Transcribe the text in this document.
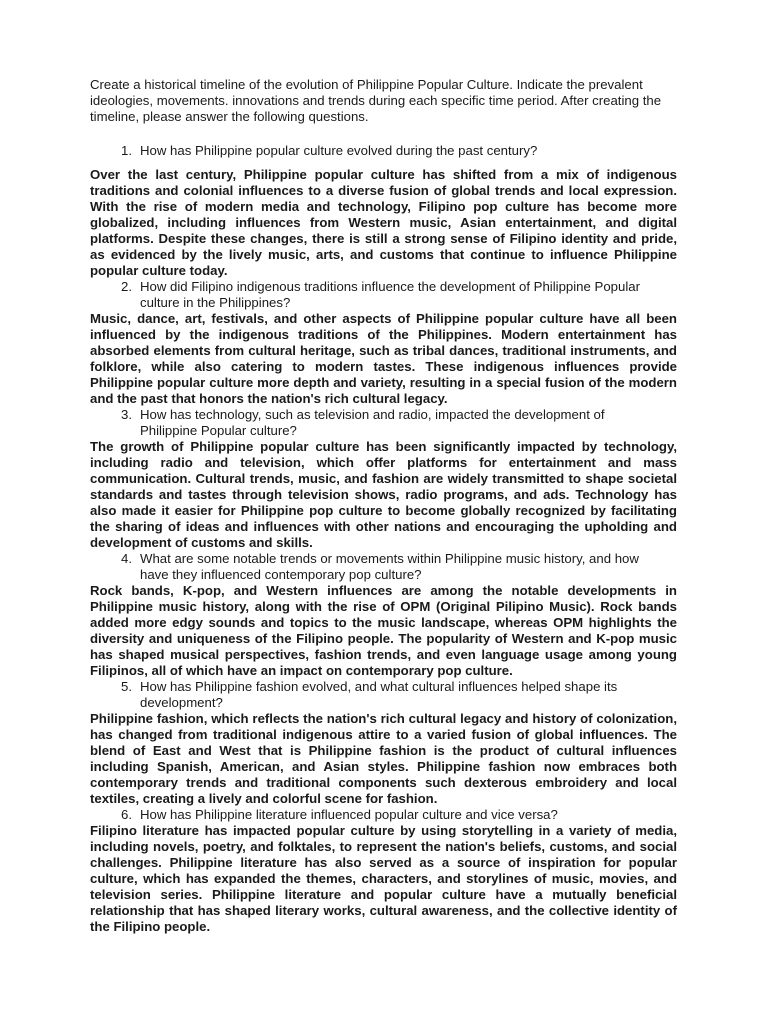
Create a historical timeline of the evolution of Philippine Popular Culture. Indicate the prevalent ideologies, movements. innovations and trends during each specific time period. After creating the timeline, please answer the following questions.

1. How has Philippine popular culture evolved during the past century?

Over the last century, Philippine popular culture has shifted from a mix of indigenous traditions and colonial influences to a diverse fusion of global trends and local expression. With the rise of modern media and technology, Filipino pop culture has become more globalized, including influences from Western music, Asian entertainment, and digital platforms. Despite these changes, there is still a strong sense of Filipino identity and pride, as evidenced by the lively music, arts, and customs that continue to influence Philippine popular culture today.

2. How did Filipino indigenous traditions influence the development of Philippine Popular culture in the Philippines?

Music, dance, art, festivals, and other aspects of Philippine popular culture have all been influenced by the indigenous traditions of the Philippines. Modern entertainment has absorbed elements from cultural heritage, such as tribal dances, traditional instruments, and folklore, while also catering to modern tastes. These indigenous influences provide Philippine popular culture more depth and variety, resulting in a special fusion of the modern and the past that honors the nation's rich cultural legacy.

3. How has technology, such as television and radio, impacted the development of Philippine Popular culture?

The growth of Philippine popular culture has been significantly impacted by technology, including radio and television, which offer platforms for entertainment and mass communication. Cultural trends, music, and fashion are widely transmitted to shape societal standards and tastes through television shows, radio programs, and ads. Technology has also made it easier for Philippine pop culture to become globally recognized by facilitating the sharing of ideas and influences with other nations and encouraging the upholding and development of customs and skills.

4. What are some notable trends or movements within Philippine music history, and how have they influenced contemporary pop culture?

Rock bands, K-pop, and Western influences are among the notable developments in Philippine music history, along with the rise of OPM (Original Pilipino Music). Rock bands added more edgy sounds and topics to the music landscape, whereas OPM highlights the diversity and uniqueness of the Filipino people. The popularity of Western and K-pop music has shaped musical perspectives, fashion trends, and even language usage among young Filipinos, all of which have an impact on contemporary pop culture.

5. How has Philippine fashion evolved, and what cultural influences helped shape its development?

Philippine fashion, which reflects the nation's rich cultural legacy and history of colonization, has changed from traditional indigenous attire to a varied fusion of global influences. The blend of East and West that is Philippine fashion is the product of cultural influences including Spanish, American, and Asian styles. Philippine fashion now embraces both contemporary trends and traditional components such dexterous embroidery and local textiles, creating a lively and colorful scene for fashion.

6. How has Philippine literature influenced popular culture and vice versa?

Filipino literature has impacted popular culture by using storytelling in a variety of media, including novels, poetry, and folktales, to represent the nation's beliefs, customs, and social challenges. Philippine literature has also served as a source of inspiration for popular culture, which has expanded the themes, characters, and storylines of music, movies, and television series. Philippine literature and popular culture have a mutually beneficial relationship that has shaped literary works, cultural awareness, and the collective identity of the Filipino people.
